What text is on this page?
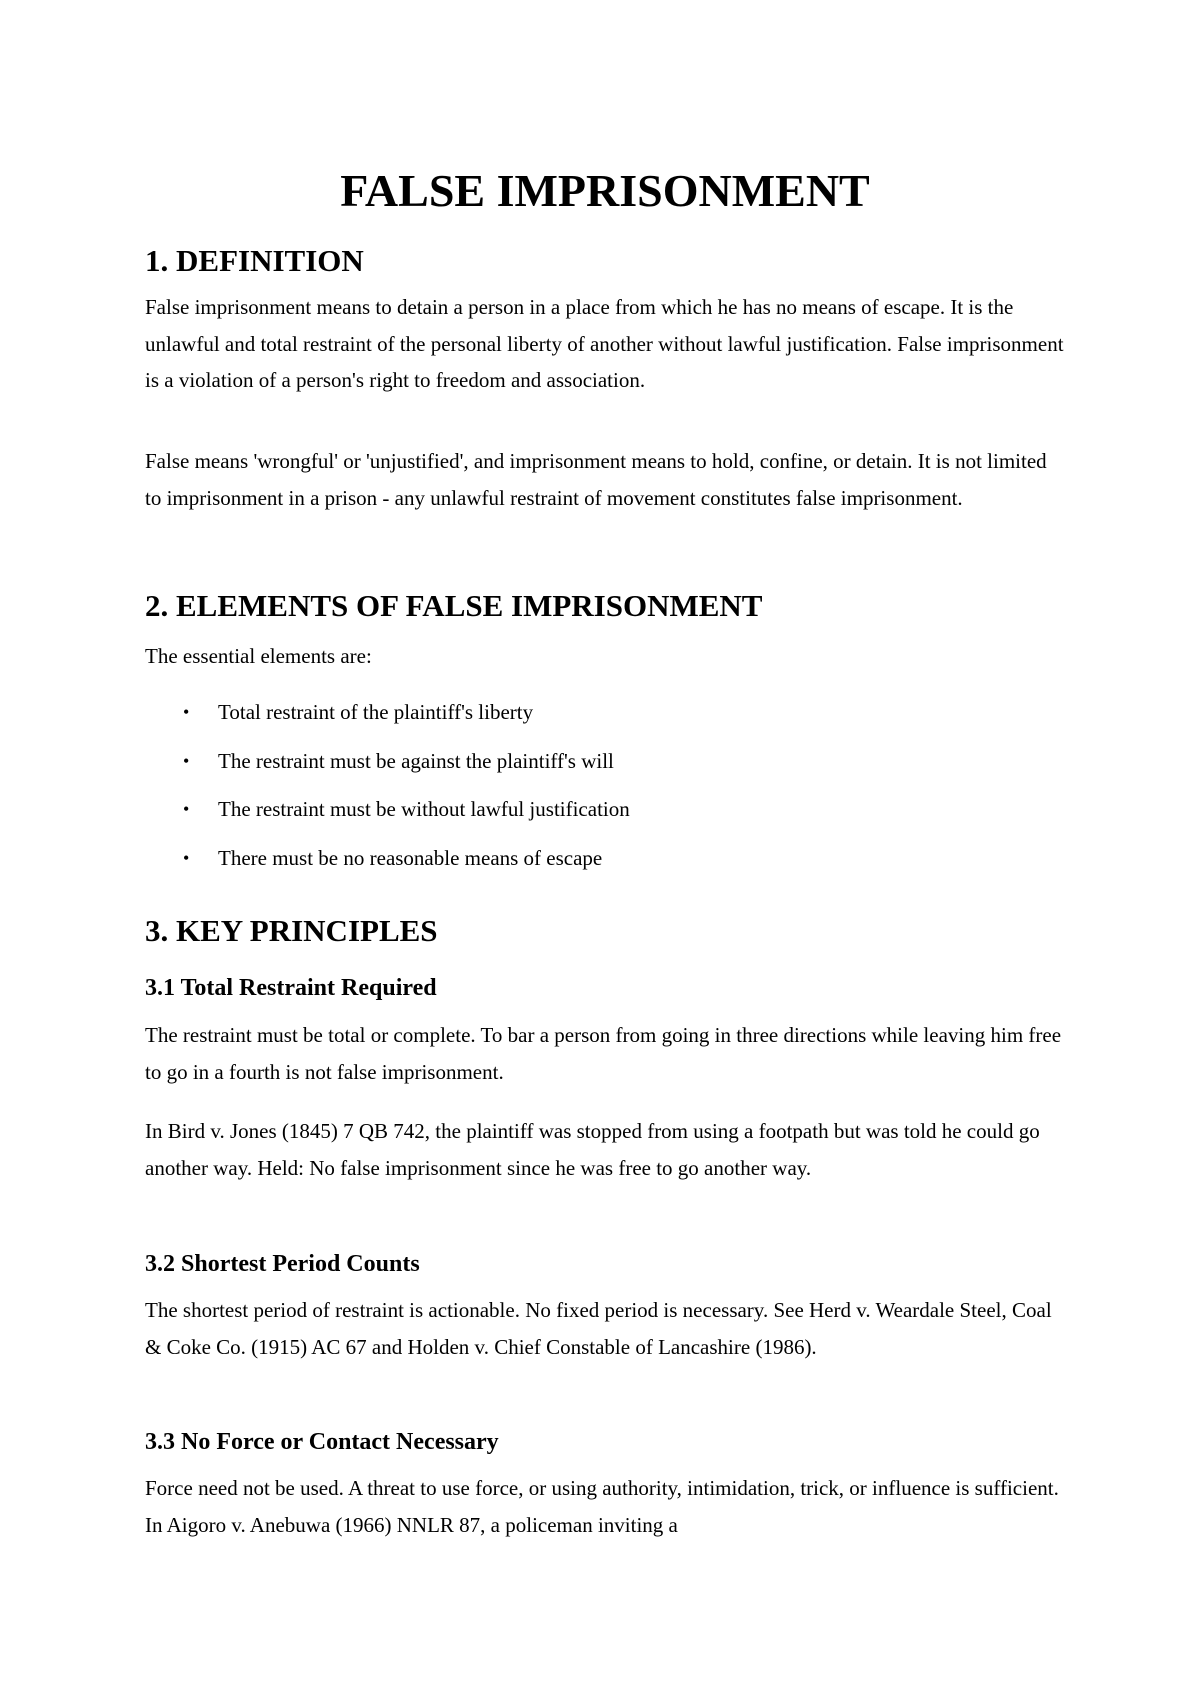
FALSE IMPRISONMENT
1. DEFINITION

False imprisonment means to detain a person in a place from which he has no means of escape. It is the unlawful and total restraint of the personal liberty of another without lawful justification. False imprisonment is a violation of a person's right to freedom and association.

False means 'wrongful' or 'unjustified', and imprisonment means to hold, confine, or detain. It is not limited to imprisonment in a prison - any unlawful restraint of movement constitutes false imprisonment.

2. ELEMENTS OF FALSE IMPRISONMENT

The essential elements are:

• Total restraint of the plaintiff's liberty
• The restraint must be against the plaintiff's will
• The restraint must be without lawful justification
• There must be no reasonable means of escape
3. KEY PRINCIPLES
3.1 Total Restraint Required

The restraint must be total or complete. To bar a person from going in three directions while leaving him free to go in a fourth is not false imprisonment.

In Bird v. Jones (1845) 7 QB 742, the plaintiff was stopped from using a footpath but was told he could go another way. Held: No false imprisonment since he was free to go another way.

3.2 Shortest Period Counts

The shortest period of restraint is actionable. No fixed period is necessary. See Herd v. Weardale Steel, Coal & Coke Co. (1915) AC 67 and Holden v. Chief Constable of Lancashire (1986).

3.3 No Force or Contact Necessary

Force need not be used. A threat to use force, or using authority, intimidation, trick, or influence is sufficient. In Aigoro v. Anebuwa (1966) NNLR 87, a policeman inviting a
